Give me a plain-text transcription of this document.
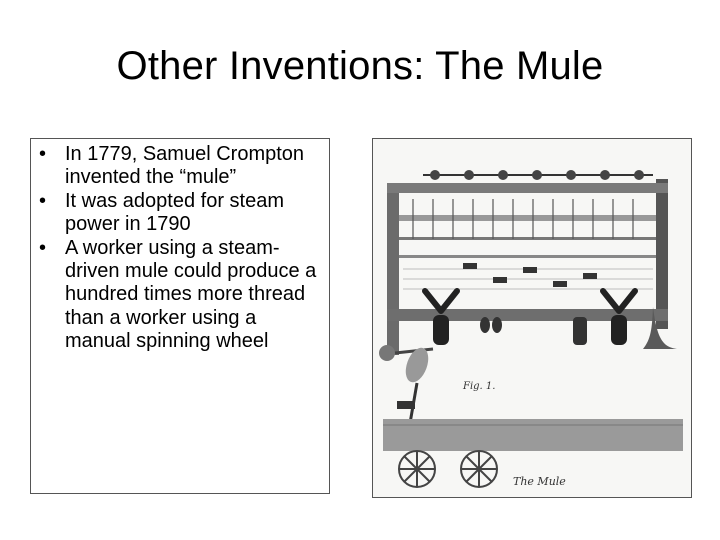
Other Inventions: The Mule
• In 1779, Samuel Crompton invented the “mule”
• It was adopted for steam power in 1790
• A worker using a steam-driven mule could produce a hundred times more thread than a worker using a manual spinning wheel
Fig. 1.
The Mule
